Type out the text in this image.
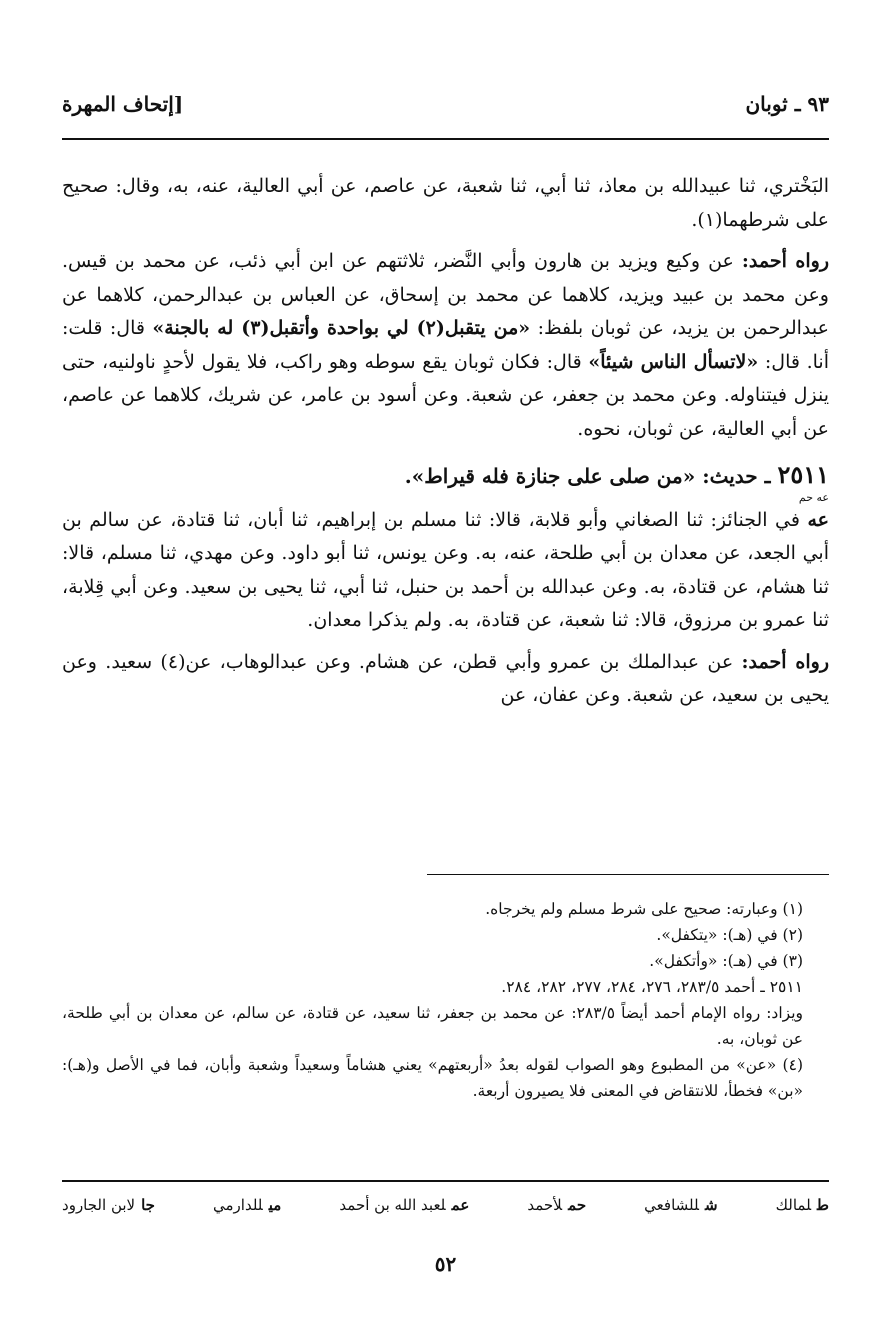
٩٣ ـ ثوبان
[إتحاف المهرة

البَخْتري، ثنا عبيدالله بن معاذ، ثنا أبي، ثنا شعبة، عن عاصم، عن أبي العالية، عنه، به، وقال: صحيح على شرطهما(١).

رواه أحمد: عن وكيع ويزيد بن هارون وأبي النَّضر، ثلاثتهم عن ابن أبي ذئب، عن محمد بن قيس. وعن محمد بن عبيد ويزيد، كلاهما عن محمد بن إسحاق، عن العباس بن عبدالرحمن، كلاهما عن عبدالرحمن بن يزيد، عن ثوبان بلفظ: «من يتقبل(٢) لي بواحدة وأتقبل(٣) له بالجنة» قال: قلت: أنا. قال: «لاتسأل الناس شيئاً» قال: فكان ثوبان يقع سوطه وهو راكب، فلا يقول لأحدٍ ناولنيه، حتى ينزل فيتناوله. وعن محمد بن جعفر، عن شعبة. وعن أسود بن عامر، عن شريك، كلاهما عن عاصم، عن أبي العالية، عن ثوبان، نحوه.

٢٥١١ ـ حديث: «من صلى على جنازة فله قيراط».

عه حم

عه في الجنائز: ثنا الصغاني وأبو قلابة، قالا: ثنا مسلم بن إبراهيم، ثنا أبان، ثنا قتادة، عن سالم بن أبي الجعد، عن معدان بن أبي طلحة، عنه، به. وعن يونس، ثنا أبو داود. وعن مهدي، ثنا مسلم، قالا: ثنا هشام، عن قتادة، به. وعن عبدالله بن أحمد بن حنبل، ثنا أبي، ثنا يحيى بن سعيد. وعن أبي قِلابة، ثنا عمرو بن مرزوق، قالا: ثنا شعبة، عن قتادة، به. ولم يذكرا معدان.

رواه أحمد: عن عبدالملك بن عمرو وأبي قطن، عن هشام. وعن عبدالوهاب، عن(٤) سعيد. وعن يحيى بن سعيد، عن شعبة. وعن عفان، عن

(١) وعبارته: صحيح على شرط مسلم ولم يخرجاه.

(٢) في (هـ): «يتكفل».

(٣) في (هـ): «وأتكفل».

٢٥١١ ـ أحمد ٢٨٣/٥، ٢٧٦، ٢٨٤، ٢٧٧، ٢٨٢، ٢٨٤.

ويزاد: رواه الإمام أحمد أيضاً ٢٨٣/٥: عن محمد بن جعفر، ثنا سعيد، عن قتادة، عن سالم، عن معدان بن أبي طلحة، عن ثوبان، به.

(٤) «عن» من المطبوع وهو الصواب لقوله بعدُ «أربعتهم» يعني هشاماً وسعيداً وشعبة وأبان، فما في الأصل و(هـ): «بن» فخطأ، للانتقاض في المعنى فلا يصيرون أربعة.

طلمالك
شللشافعي
حملأحمد
عملعبد الله بن أحمد
ميللدارمي
جالابن الجارود
٥٢
